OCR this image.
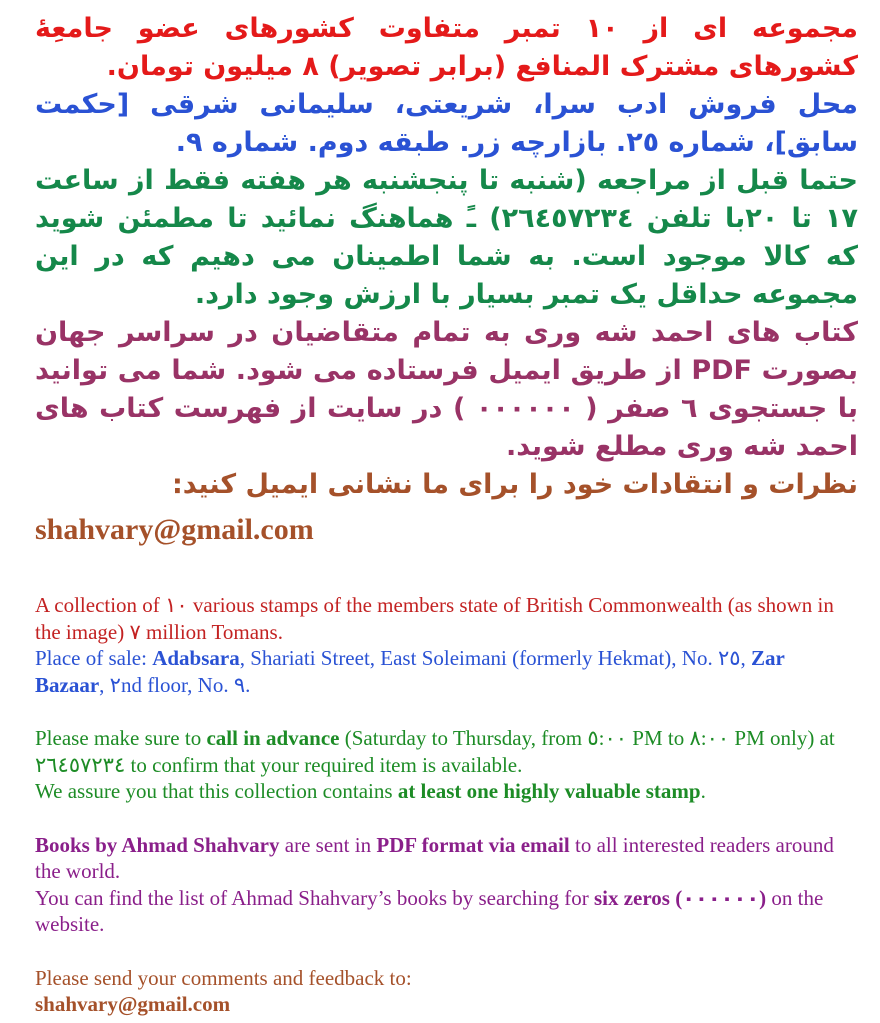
مجموعه ای از ١٠ تمبر متفاوت کشورهای عضو جامعِهٔ کشورهای مشترک المنافع (برابر تصویر) ٨ میلیون تومان.

محل فروش ادب سرا، شریعتی، سلیمانی شرقی [حکمت سابق]، شماره ٢٥. بازارچه زر. طبقه دوم. شماره ٩.

حتما قبل از مراجعه (شنبه تا پنجشنبه هر هفته فقط از ساعت ١٧ تا ٢٠با تلفن ٢٦٤٥٧٢٣٤) ـً هماهنگ نمائید تا مطمئن شوید که کالا موجود است. به شما اطمینان می دهیم که در این مجموعه حداقل یک تمبر بسیار با ارزش وجود دارد.

کتاب های احمد شه وری به تمام متقاضیان در سراسر جهان بصورت PDF از طریق ایمیل فرستاده می شود. شما می توانید با جستجوی ٦ صفر ( ٠٠٠٠٠٠ ) در سایت از فهرست کتاب های احمد شه وری مطلع شوید.

نظرات و انتقادات خود را برای ما نشانی ایمیل کنید:

shahvary@gmail.com

A collection of ١٠ various stamps of the members state of British Commonwealth (as shown in the image) ٧ million Tomans.

Place of sale: Adabsara, Shariati Street, East Soleimani (formerly Hekmat), No. ٢٥, Zar Bazaar, ٢nd floor, No. ٩.

Please make sure to call in advance (Saturday to Thursday, from ٥:٠٠ PM to ٨:٠٠ PM only) at ٢٦٤٥٧٢٣٤ to confirm that your required item is available.

We assure you that this collection contains at least one highly valuable stamp.

Books by Ahmad Shahvary are sent in PDF format via email to all interested readers around the world.

You can find the list of Ahmad Shahvary’s books by searching for six zeros (٠٠٠٠٠٠) on the website.

Please send your comments and feedback to:

shahvary@gmail.com
